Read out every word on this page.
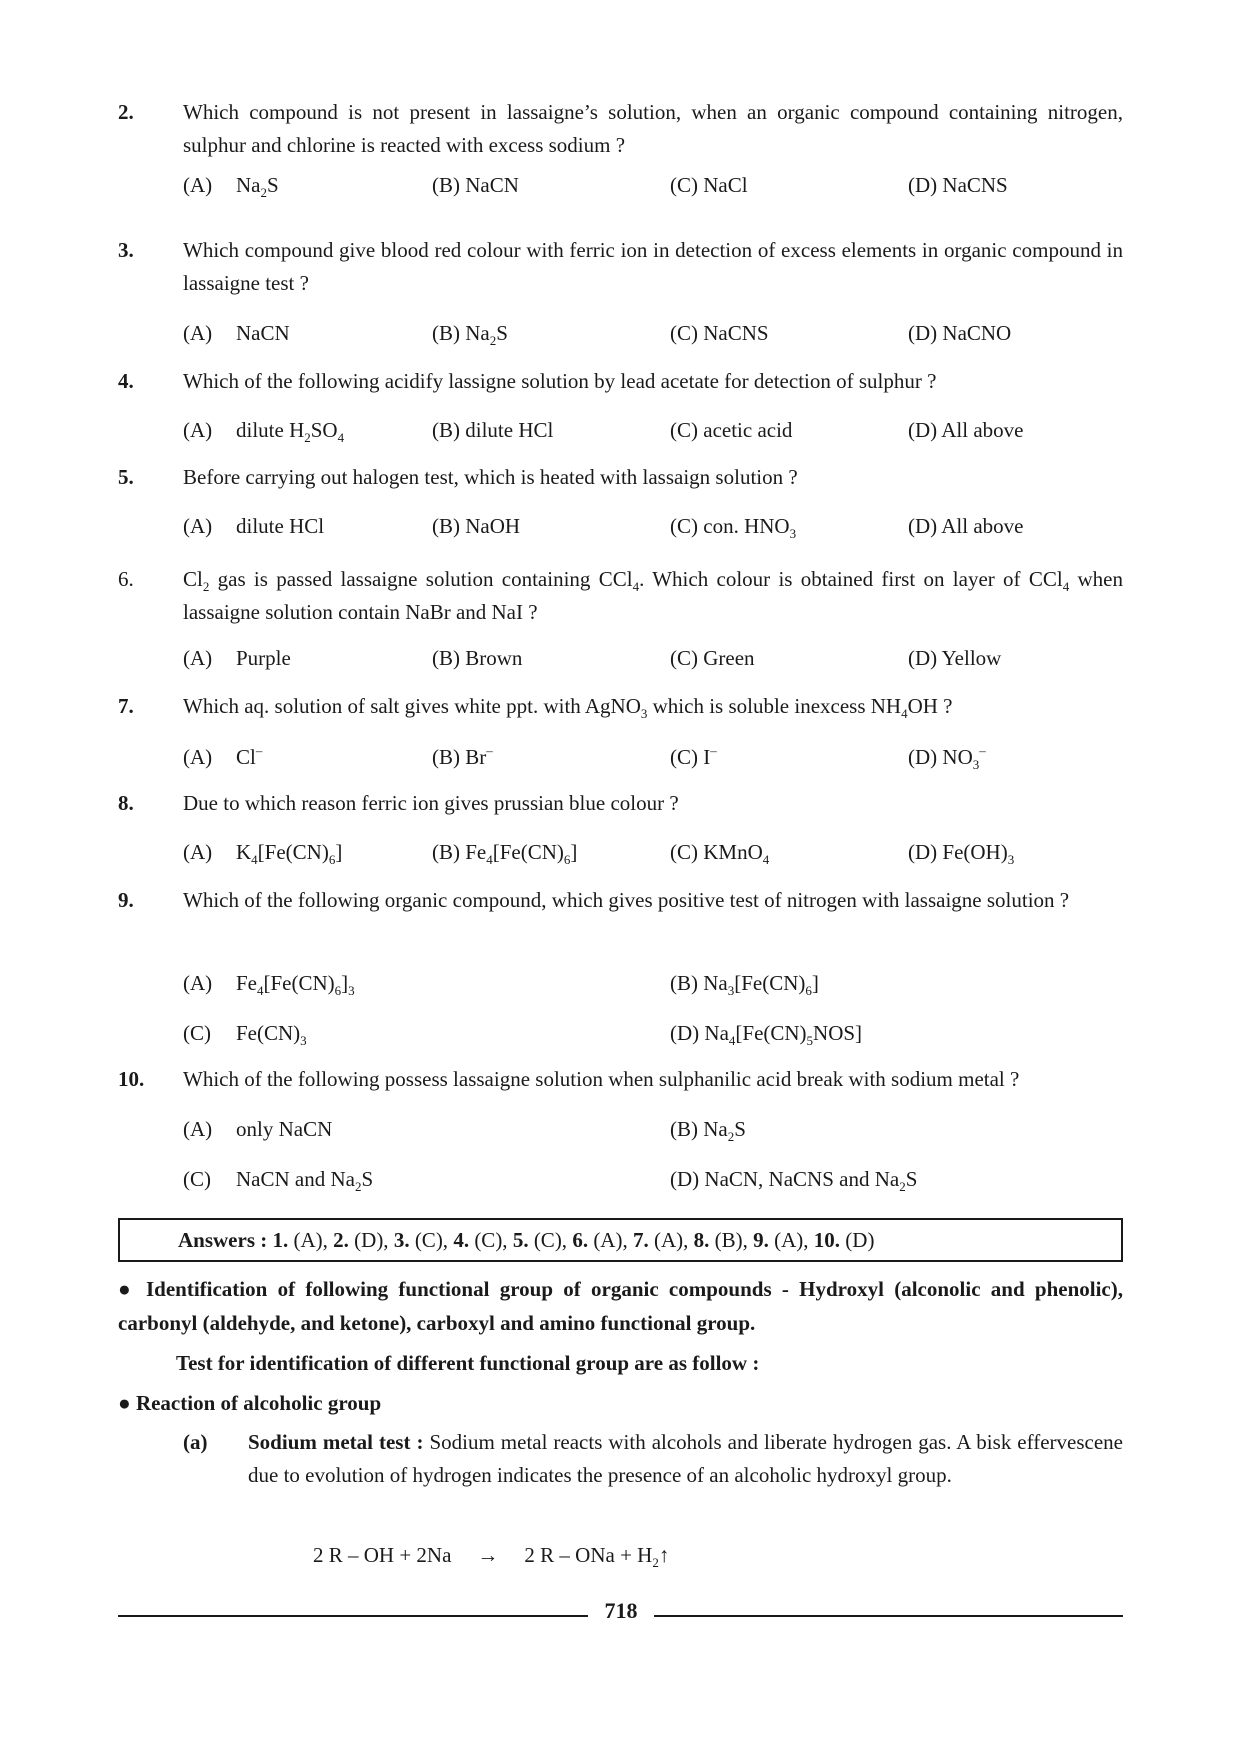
2.	Which compound is not present in lassaigne’s solution, when an organic compound containing nitrogen, sulphur and chlorine is reacted with excess sodium ?
(A) $Na_2S$	(B) NaCN	(C) NaCl	(D) NaCNS
3.	Which compound give blood red colour with ferric ion in detection of excess elements in organic compound in lassaigne test ?
(A) NaCN	(B) $Na_2S$	(C) NaCNS	(D) NaCNO
4.	Which of the following acidify lassigne solution by lead acetate for detection of sulphur ?
(A) dilute $H_2SO_4$	(B) dilute HCl	(C) acetic acid	(D) All above
5.	Before carrying out halogen test, which is heated with lassaign solution ?
(A) dilute HCl	(B) NaOH	(C) con. $HNO_3$	(D) All above
6.	$Cl_2$ gas is passed lassaigne solution containing CCl$_4$. Which colour is obtained first on layer of CCl$_4$ when lassaigne solution contain NaBr and NaI ?
(A) Purple	(B) Brown	(C) Green	(D) Yellow
7.	Which aq. solution of salt gives white ppt. with AgNO$_3$ which is soluble inexcess $NH_4OH$ ?
(A) Cl–	(B) Br–	(C) I–	(D) $NO_3^-$
8.	Due to which reason ferric ion gives prussian blue colour ?
(A) $K_4[Fe(CN)_6]$	(B) $Fe_4[Fe(CN)_6]$	(C) KMnO$_4$	(D) $Fe(OH)_3$
9.	Which of the following organic compound, which gives positive test of nitrogen with lassaigne solution ?
(A) $Fe_4[Fe(CN)_6]_3$	(B) $Na_3[Fe(CN)_6]$
(C) $Fe(CN)_3$	(D) $Na_4[Fe(CN)_5NOS]$
10.	Which of the following possess lassaigne solution when sulphanilic acid break with sodium metal ?
(A) only NaCN	(B) $Na_2S$
(C) NaCN and $Na_2S$	(D) NaCN, NaCNS and $Na_2S$
Answers : 1. (A), 2. (D), 3. (C), 4. (C), 5. (C), 6. (A), 7. (A), 8. (B), 9. (A), 10. (D)
● Identification of following functional group of organic compounds - Hydroxyl (alconolic and phenolic), carbonyl (aldehyde, and ketone), carboxyl and amino functional group.
Test for identification of different functional group are as follow :
● Reaction of alcoholic group
(a) Sodium metal test : Sodium metal reacts with alcohols and liberate hydrogen gas. A bisk effervescene due to evolution of hydrogen indicates the presence of an alcoholic hydroxyl group.
2 R – OH + 2Na → 2 R – ONa + $H_2↑$
718
